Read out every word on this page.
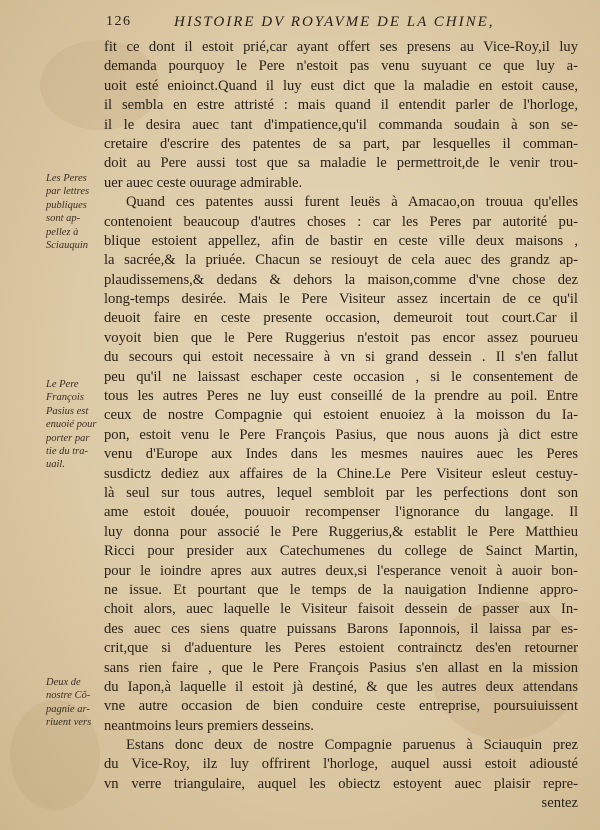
126	HISTOIRE DV ROYAVME DE LA CHINE,
Les Peres
par lettres
publiques
sont ap-
pellez à
Sciauquin
Le Pere
François
Pasius est
enuoié pour
porter par
tie du tra-
uail.
Deux de
nostre Cõ-
pagnie ar-
riuent vers
fit ce dont il estoit prié,car ayant offert ses presens au Vice-Roy,il luy
demanda pourquoy le Pere n'estoit pas venu suyuant ce que luy a-
uoit esté enioinct.Quand il luy eust dict que la maladie en estoit cause,
il sembla en estre attristé : mais quand il entendit parler de l'horloge,
il le desira auec tant d'impatience,qu'il commanda soudain à son se-
cretaire d'escrire des patentes de sa part, par lesquelles il comman-
doit au Pere aussi tost que sa maladie le permettroit,de le venir trou-
uer auec ceste ouurage admirable.
Quand ces patentes aussi furent leuës à Amacao,on trouua qu'elles
contenoient beaucoup d'autres choses : car les Peres par autorité pu-
blique estoient appellez, afin de bastir en ceste ville deux maisons ,
la sacrée,& la priuée. Chacun se resiouyt de cela auec des grandz ap-
plaudissemens,& dedans & dehors la maison,comme d'vne chose dez
long-temps desirée. Mais le Pere Visiteur assez incertain de ce qu'il
deuoit faire en ceste presente occasion, demeuroit tout court.Car il
voyoit bien que le Pere Ruggerius n'estoit pas encor assez pourueu
du secours qui estoit necessaire à vn si grand dessein . Il s'en fallut
peu qu'il ne laissast eschaper ceste occasion , si le consentement de
tous les autres Peres ne luy eust conseillé de la prendre au poil. Entre
ceux de nostre Compagnie qui estoient enuoiez à la moisson du Ia-
pon, estoit venu le Pere François Pasius, que nous auons jà dict estre
venu d'Europe aux Indes dans les mesmes nauires auec les Peres
susdictz dediez aux affaires de la Chine.Le Pere Visiteur esleut cestuy-
là seul sur tous autres, lequel sembloit par les perfections dont son
ame estoit douée, pouuoir recompenser l'ignorance du langage. Il
luy donna pour associé le Pere Ruggerius,& establit le Pere Matthieu
Ricci pour presider aux Catechumenes du college de Sainct Martin,
pour le ioindre apres aux autres deux,si l'esperance venoit à auoir bon-
ne issue. Et pourtant que le temps de la nauigation Indienne appro-
choit alors, auec laquelle le Visiteur faisoit dessein de passer aux In-
des auec ces siens quatre puissans Barons Iaponnois, il laissa par es-
crit,que si d'aduenture les Peres estoient contrainctz des'en retourner
sans rien faire , que le Pere François Pasius s'en allast en la mission
du Iapon,à laquelle il estoit jà destiné, & que les autres deux attendans
vne autre occasion de bien conduire ceste entreprise, poursuiuissent
neantmoins leurs premiers desseins.
Estans donc deux de nostre Compagnie paruenus à Sciauquin prez
du Vice-Roy, ilz luy offrirent l'horloge, auquel aussi estoit adiousté
vn verre triangulaire, auquel les obiectz estoyent auec plaisir repre-
sentez
